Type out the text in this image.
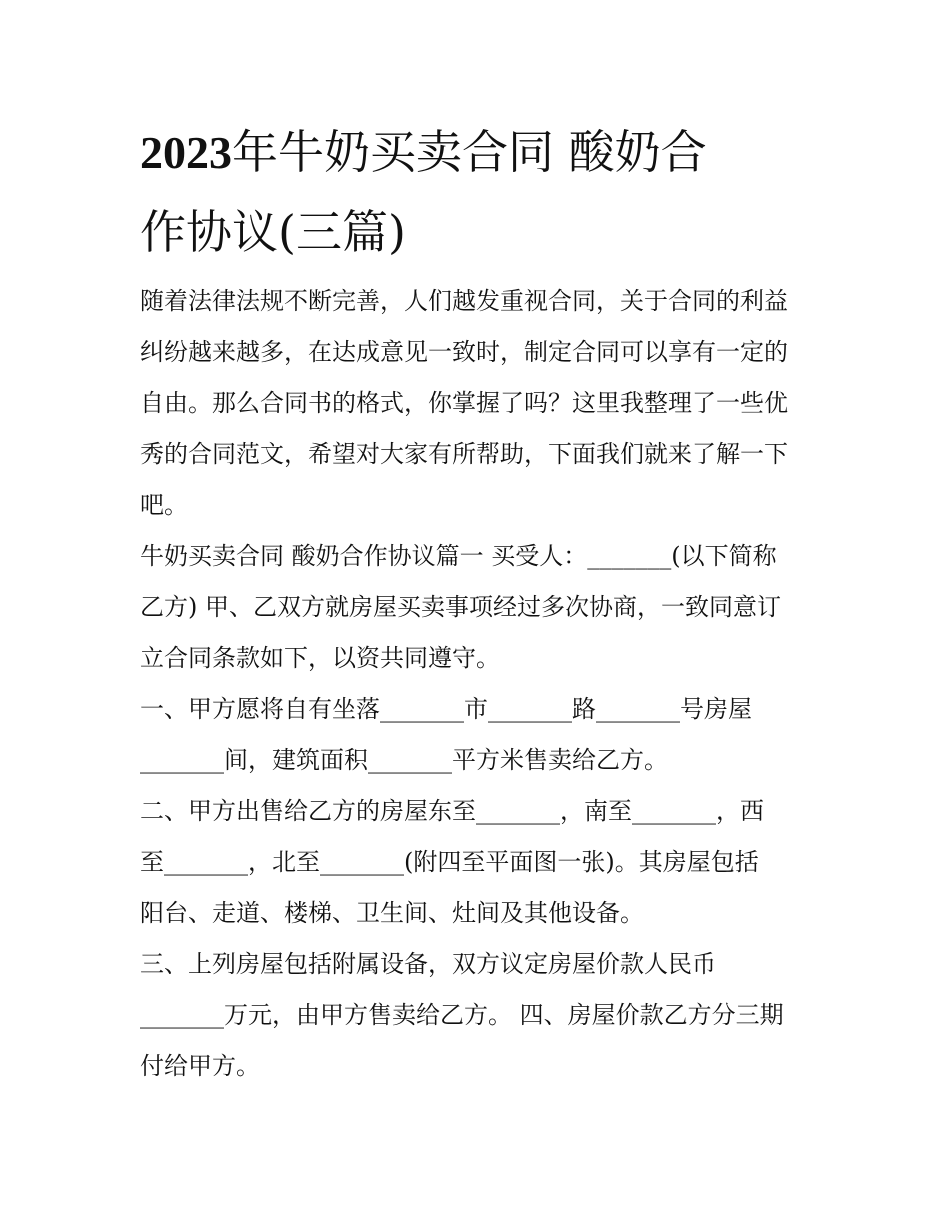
2023年牛奶买卖合同 酸奶合
作协议(三篇)
随着法律法规不断完善，人们越发重视合同，关于合同的利益
纠纷越来越多，在达成意见一致时，制定合同可以享有一定的
自由。那么合同书的格式，你掌握了吗？这里我整理了一些优
秀的合同范文，希望对大家有所帮助，下面我们就来了解一下
吧。
牛奶买卖合同 酸奶合作协议篇一 买受人：_______(以下简称
乙方) 甲、乙双方就房屋买卖事项经过多次协商，一致同意订
立合同条款如下，以资共同遵守。
一、甲方愿将自有坐落_______市_______路_______号房屋
_______间，建筑面积_______平方米售卖给乙方。
二、甲方出售给乙方的房屋东至_______，南至_______，西
至_______，北至_______(附四至平面图一张)。其房屋包括
阳台、走道、楼梯、卫生间、灶间及其他设备。
三、上列房屋包括附属设备，双方议定房屋价款人民币
_______万元，由甲方售卖给乙方。 四、房屋价款乙方分三期
付给甲方。
